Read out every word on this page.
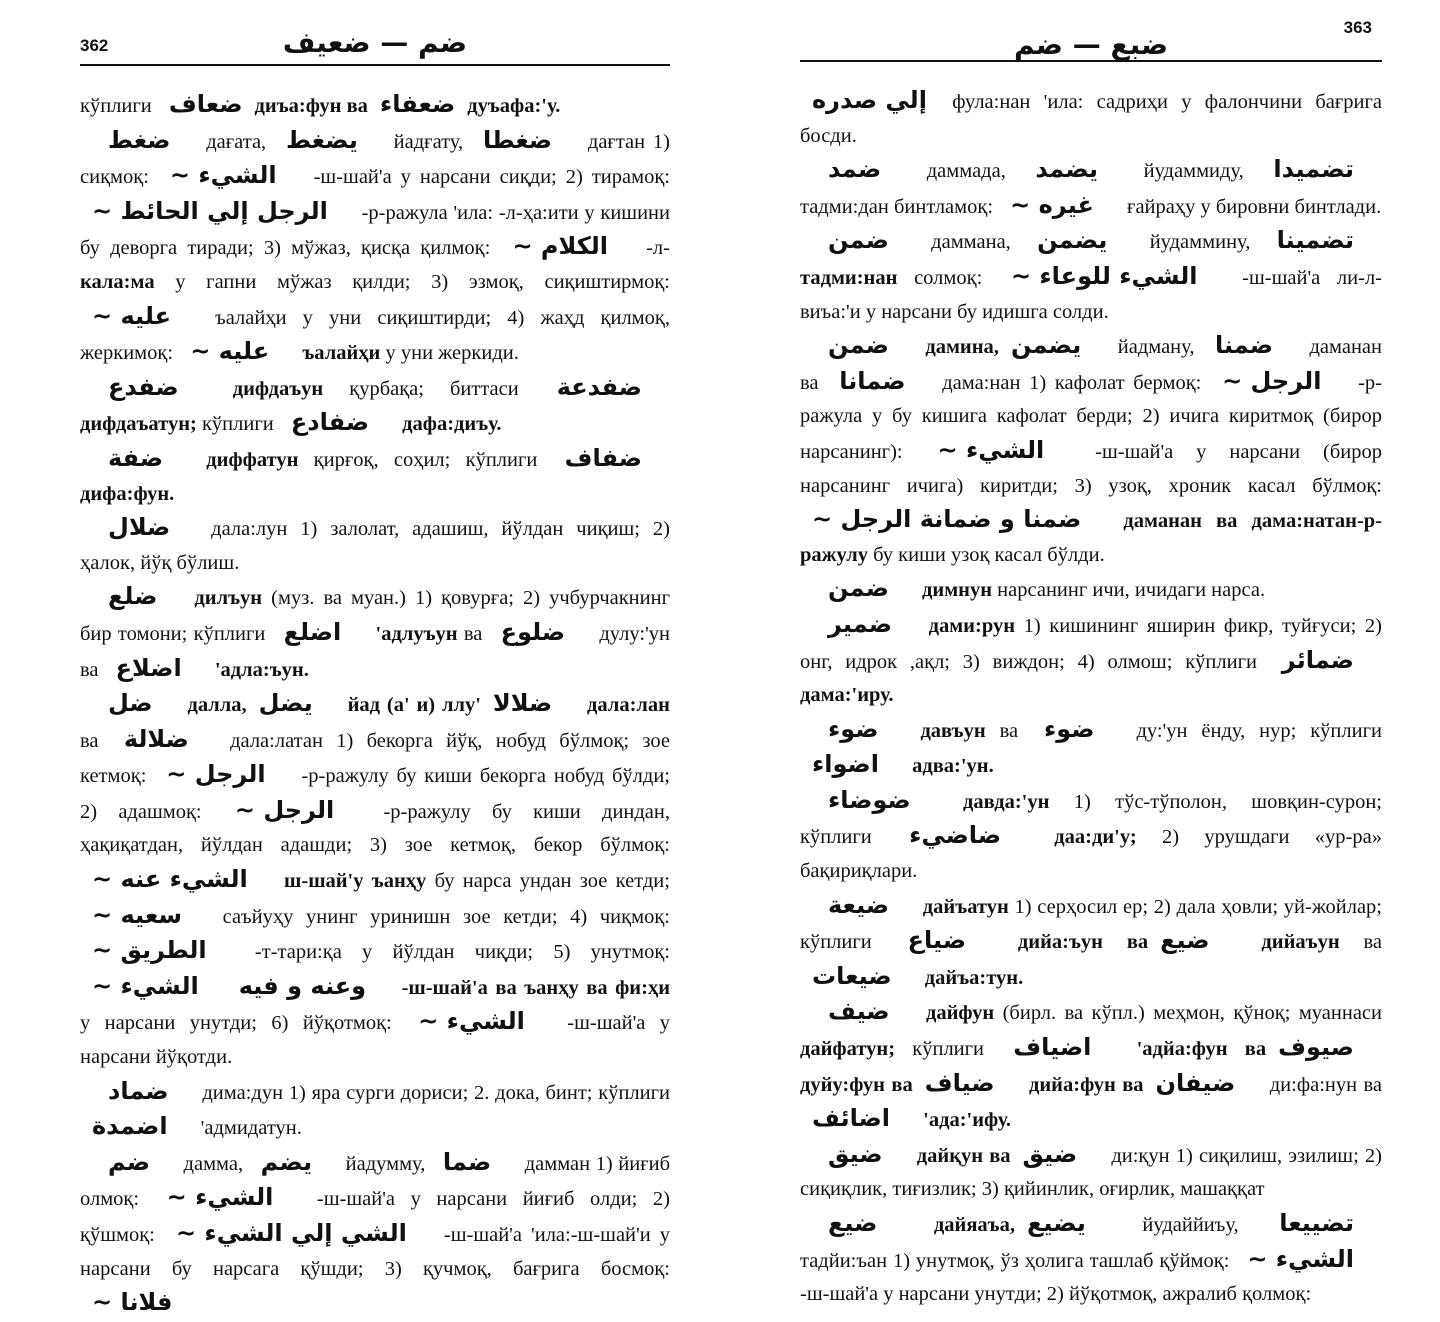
362	ضم — ضعيف

кўплиги ضعاف диъа:фун ва ضعفاء дуъафа:'у.

ضغط дағата, يضغط йадғату, ضغطا дағтан 1) сиқмоқ: الشيء ~ -ш-шай'а у нарсани сиқди; 2) тирамоқ: الرجل إلي الحائط ~ -р-ражула 'ила: -л-ҳа:ити у кишини бу деворга тиради; 3) мўжаз, қисқа қилмоқ: الكلام ~ -л-кала:ма у гапни мўжаз қилди; 3) эзмоқ, сиқиштирмоқ: عليه ~ ъалайҳи у уни сиқиштирди; 4) жаҳд қилмоқ, жеркимоқ: عليه ~ ъалайҳи у уни жеркиди.

ضفدع дифдаъун қурбақа; биттаси ضفدعة дифдаъатун; кўплиги ضفادع дафа:диъу.

ضفة диффатун қирғоқ, соҳил; кўплиги ضفاف дифа:фун.

ضلال дала:лун 1) залолат, адашиш, йўлдан чиқиш; 2) ҳалок, йўқ бўлиш.

ضلع дилъун (муз. ва муан.) 1) қовурға; 2) учбурчакнинг бир томони; кўплиги اضلع 'адлуъун ва ضلوع дулу:'ун ва اضلاع 'адла:ъун.

ضل далла, يضل йад (а' и) ллу' ضلالا дала:лан ва ضلالة дала:латан 1) бекорга йўқ, нобуд бўлмоқ; зое кетмоқ: الرجل ~ -р-ражулу бу киши бекорга нобуд бўлди; 2) адашмоқ: الرجل ~ -р-ражулу бу киши диндан, ҳақиқатдан, йўлдан адашди; 3) зое кетмоқ, бекор бўлмоқ: الشيء عنه ~ ш-шай'у ъанҳу бу нарса ундан зое кетди; سعيه ~ саъйуҳу унинг уринишн зое кетди; 4) чиқмоқ: الطريق ~ -т-тари:қа у йўлдан чиқди; 5) унутмоқ: الشيء ~ وعنه و فيه -ш-шай'а ва ъанҳу ва фи:ҳи у нарсани унутди; 6) йўқотмоқ: الشيء ~ -ш-шай'а у нарсани йўқотди.

ضماد дима:дун 1) яра сурги дориси; 2. дока, бинт; кўплиги اضمدة 'адмидатун.

ضم дамма, يضم йадумму, ضما дамман 1) йиғиб олмоқ: الشيء ~ -ш-шай'а у нарсани йиғиб олди; 2) қўшмоқ: الشي إلي الشيء ~ -ш-шай'а 'ила:-ш-шай'и у нарсани бу нарсага қўшди; 3) қучмоқ, бағрига босмоқ: فلانا ~

363
ضبع — ضم

إلي صدره фула:нан 'ила: садриҳи у фалончини бағрига босди.

ضمد даммада, يضمد йудаммиду, تضميدا тадми:дан бинтламоқ: غيره ~ ғайраҳу у бировни бинтлади.

ضمن даммана, يضمن йудаммину, تضمينا тадми:нан солмоқ: الشيء للوعاء ~ -ш-шай'а ли-л-виъа:'и у нарсани бу идишга солди.

ضمن дамина, يضمن йадману, ضمنا даманан ва ضمانا дама:нан 1) кафолат бермоқ: الرجل ~ -р-ражула у бу кишига кафолат берди; 2) ичига киритмоқ (бирор нарсанинг): الشيء ~ -ш-шай'а у нарсани (бирор нарсанинг ичига) киритди; 3) узоқ, хроник касал бўлмоқ: ضمنا و ضمانة الرجل ~ даманан ва дама:натан-р-ражулу бу киши узоқ касал бўлди.

ضمن димнун нарсанинг ичи, ичидаги нарса.

ضمير дами:рун 1) кишининг яширин фикр, туйғуси; 2) онг, идрок ,ақл; 3) виждон; 4) олмош; кўплиги ضمائر дама:'иру.

ضوء давъун ва ضوء ду:'ун ёнду, нур; кўплиги اضواء адва:'ун.

ضوضاء давда:'ун 1) тўс-тўполон, шовқин-сурон; кўплиги ضاضيء даа:ди'у; 2) урушдаги «ур-ра» бақириқлари.

ضيعة дайъатун 1) серҳосил ер; 2) дала ҳовли; уй-жойлар; кўплиги ضياع дийа:ъун ва ضيع дийаъун ва ضيعات дайъа:тун.

ضيف дайфун (бирл. ва кўпл.) меҳмон, қўноқ; муаннаси дайфатун; кўплиги اضياف 'адйа:фун ва صيوف дуйу:фун ва ضياف дийа:фун ва ضيفان ди:фа:нун ва اضائف 'ада:'ифу.

ضيق дайқун ва ضيق ди:қун 1) сиқилиш, эзилиш; 2) сиқиқлик, тиғизлик; 3) қийинлик, оғирлик, машаққат

ضيع дайяаъа, يضيع йудаййиъу, تضييعا тадйи:ъан 1) унутмоқ, ўз ҳолига ташлаб қўймоқ: الشيء ~ -ш-шай'а у нарсани унутди; 2) йўқотмоқ, ажралиб қолмоқ:
